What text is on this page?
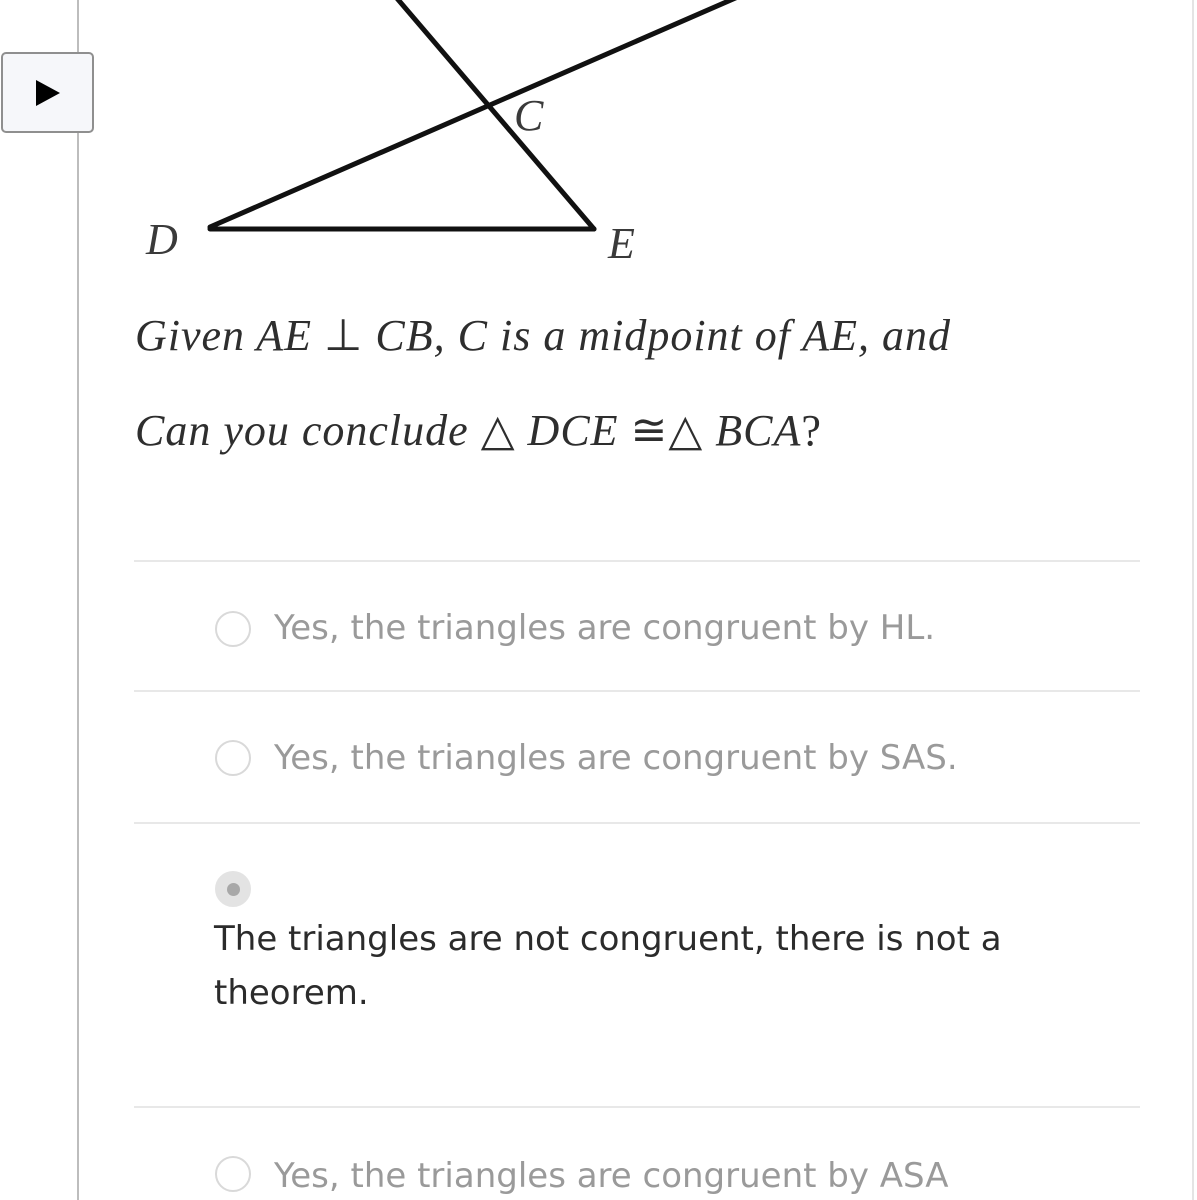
C
D	E
Given AE ⊥ CB, C is a midpoint of AE, and
Can you conclude △ DCE ≅△ BCA?
Yes, the triangles are congruent by HL.
Yes, the triangles are congruent by SAS.
The triangles are not congruent, there is not a theorem.
Yes, the triangles are congruent by ASA
